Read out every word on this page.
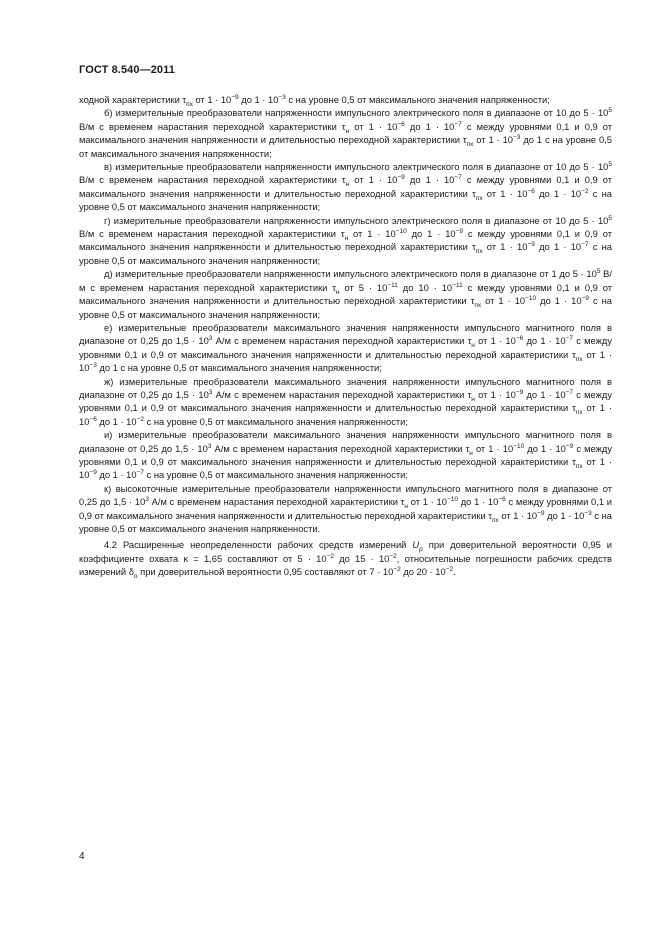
ГОСТ 8.540—2011

ходной характеристики $\tau_{пх}$ от $1 \cdot 10^{-9}$ до $1 \cdot 10^{-3}$ с на уровне 0,5 от максимального значения напряженности;

б) измерительные преобразователи напряженности импульсного электрического поля в диапазоне от 10 до $5 \cdot 10^5$ В/м с временем нарастания переходной характеристики $\tau_н$ от $1 \cdot 10^{-6}$ до $1 \cdot 10^{-7}$ с между уровнями 0,1 и 0,9 от максимального значения напряженности и длительностью переходной характеристики $\tau_{пх}$ от $1 \cdot 10^{-3}$ до 1 с на уровне 0,5 от максимального значения напряженности;

в) измерительные преобразователи напряженности импульсного электрического поля в диапазоне от 10 до $5 \cdot 10^5$ В/м с временем нарастания переходной характеристики $\tau_н$ от $1 \cdot 10^{-9}$ до $1 \cdot 10^{-7}$ с между уровнями 0,1 и 0,9 от максимального значения напряженности и длительностью переходной характеристики $\tau_{пх}$ от $1 \cdot 10^{-6}$ до $1 \cdot 10^{-2}$ с на уровне 0,5 от максимального значения напряженности;

г) измерительные преобразователи напряженности импульсного электрического поля в диапазоне от 10 до $5 \cdot 10^5$ В/м с временем нарастания переходной характеристики $\tau_н$ от $1 \cdot 10^{-10}$ до $1 \cdot 10^{-9}$ с между уровнями 0,1 и 0,9 от максимального значения напряженности и длительностью переходной характеристики $\tau_{пх}$ от $1 \cdot 10^{-9}$ до $1 \cdot 10^{-7}$ с на уровне 0,5 от максимального значения напряженности;

д) измерительные преобразователи напряженности импульсного электрического поля в диапазоне от 1 до $5 \cdot 10^5$ В/м с временем нарастания переходной характеристики $\tau_н$ от $5 \cdot 10^{-11}$ до $10 \cdot 10^{-11}$ с между уровнями 0,1 и 0,9 от максимального значения напряженности и длительностью переходной характеристики $\tau_{пх}$ от $1 \cdot 10^{-10}$ до $1 \cdot 10^{-9}$ с на уровне 0,5 от максимального значения напряженности;

е) измерительные преобразователи максимального значения напряженности импульсного магнитного поля в диапазоне от 0,25 до $1,5 \cdot 10^3$ А/м с временем нарастания переходной характеристики $\tau_н$ от $1 \cdot 10^{-6}$ до $1 \cdot 10^{-7}$ с между уровнями 0,1 и 0,9 от максимального значения напряженности и длительностью переходной характеристики $\tau_{пх}$ от $1 \cdot 10^{-3}$ до 1 с на уровне 0,5 от максимального значения напряженности;

ж) измерительные преобразователи максимального значения напряженности импульсного магнитного поля в диапазоне от 0,25 до $1,5 \cdot 10^3$ А/м с временем нарастания переходной характеристики $\tau_н$ от $1 \cdot 10^{-9}$ до $1 \cdot 10^{-7}$ с между уровнями 0,1 и 0,9 от максимального значения напряженности и длительностью переходной характеристики $\tau_{пх}$ от $1 \cdot 10^{-6}$ до $1 \cdot 10^{-2}$ с на уровне 0,5 от максимального значения напряженности;

и) измерительные преобразователи максимального значения напряженности импульсного магнитного поля в диапазоне от 0,25 до $1,5 \cdot 10^3$ А/м с временем нарастания переходной характеристики $\tau_н$ от $1 \cdot 10^{-10}$ до $1 \cdot 10^{-9}$ с между уровнями 0,1 и 0,9 от максимального значения напряженности и длительностью переходной характеристики $\tau_{пх}$ от $1 \cdot 10^{-9}$ до $1 \cdot 10^{-7}$ с на уровне 0,5 от максимального значения напряженности;

к) высокоточные измерительные преобразователи напряженности импульсного магнитного поля в диапазоне от 0,25 до $1,5 \cdot 10^3$ А/м с временем нарастания переходной характеристики $\tau_н$ от $1 \cdot 10^{-10}$ до $1 \cdot 10^{-6}$ с между уровнями 0,1 и 0,9 от максимального значения напряженности и длительностью переходной характеристики $\tau_{пх}$ от $1 \cdot 10^{-9}$ до $1 \cdot 10^{-3}$ с на уровне 0,5 от максимального значения напряженности.

4.2 Расширенные неопределенности рабочих средств измерений $U_p$ при доверительной вероятности 0,95 и коэффициенте охвата κ = 1,65 составляют от $5 \cdot 10^{-2}$ до $15 \cdot 10^{-2}$, относительные погрешности рабочих средств измерений $\delta_о$ при доверительной вероятности 0,95 составляют от $7 \cdot 10^{-2}$ до $20 \cdot 10^{-2}$.

4
